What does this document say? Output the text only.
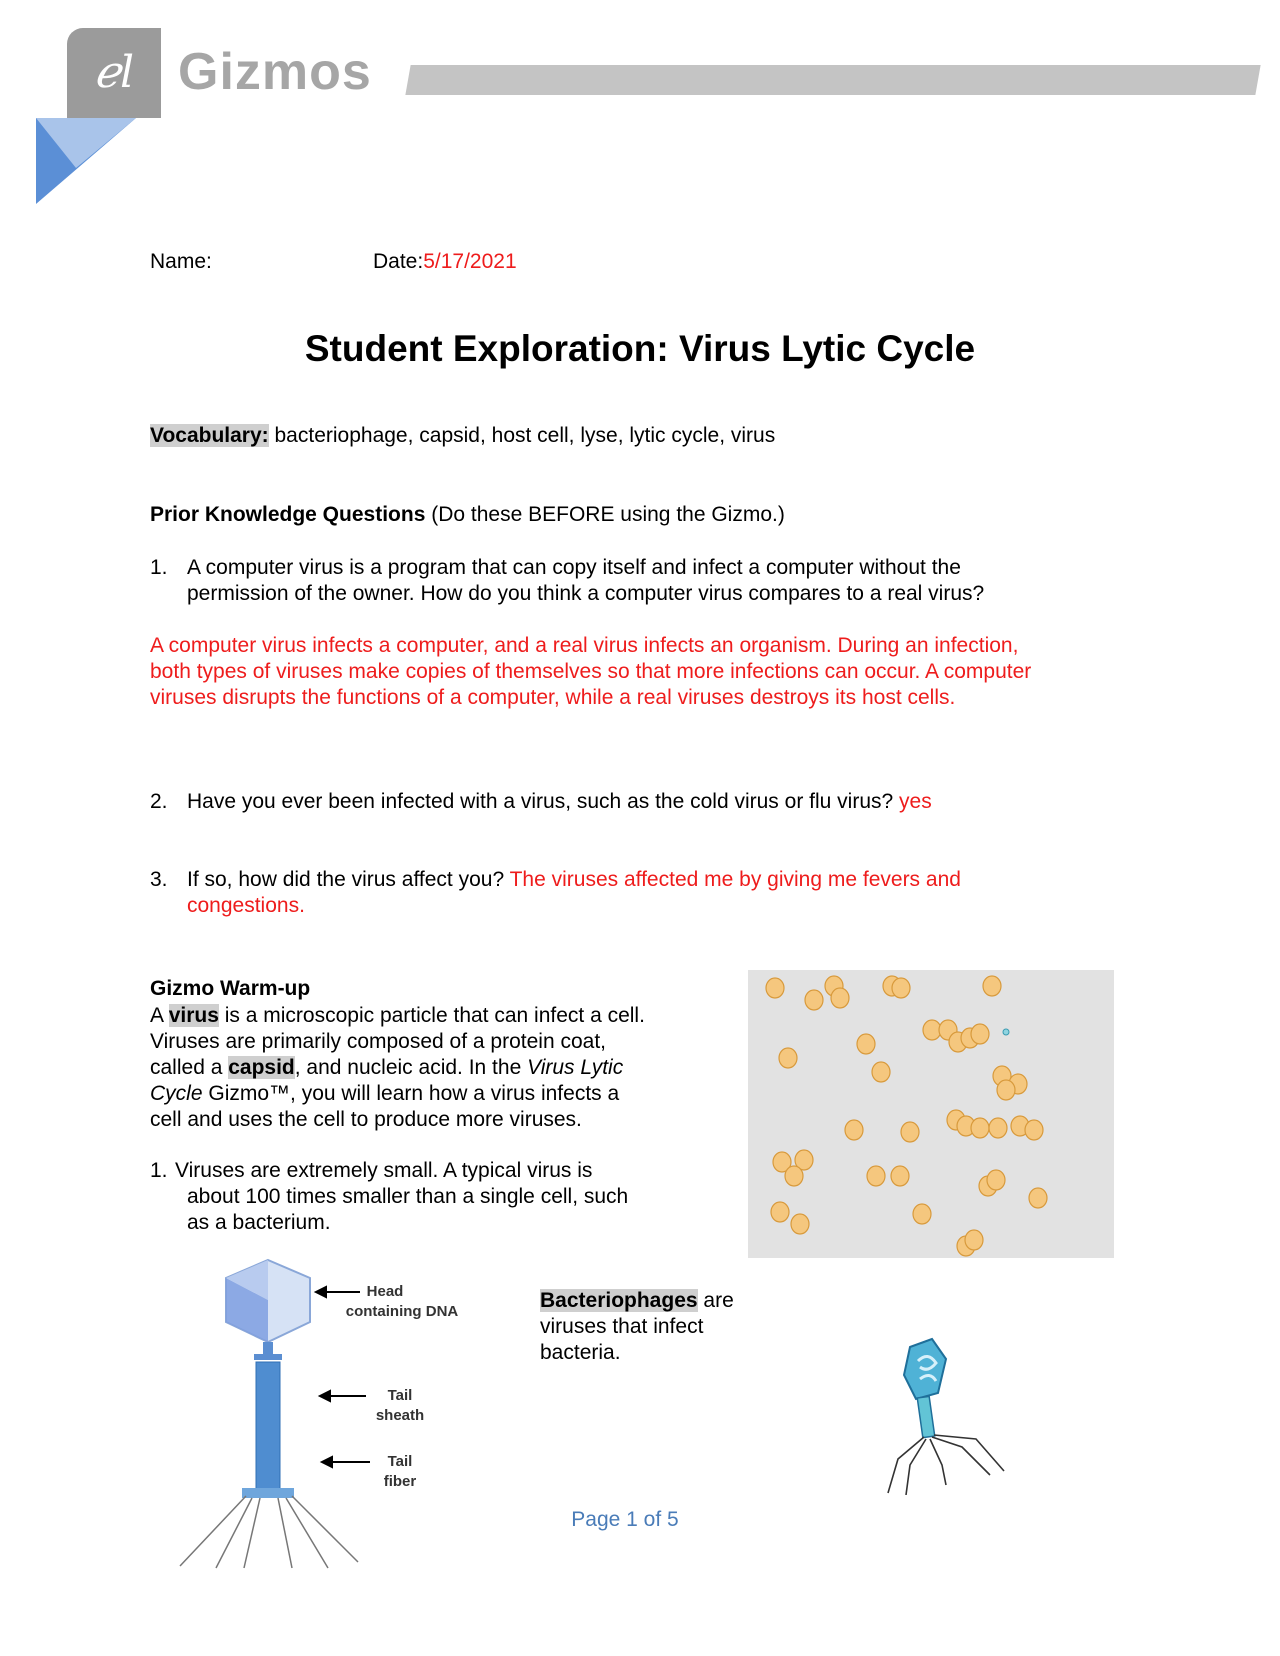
ℯl Gizmos
Name:	Date:5/17/2021
Student Exploration: Virus Lytic Cycle
Vocabulary: bacteriophage, capsid, host cell, lyse, lytic cycle, virus
Prior Knowledge Questions (Do these BEFORE using the Gizmo.)
1. A computer virus is a program that can copy itself and infect a computer without the
permission of the owner. How do you think a computer virus compares to a real virus?
A computer virus infects a computer, and a real virus infects an organism. During an infection,
both types of viruses make copies of themselves so that more infections can occur. A computer
viruses disrupts the functions of a computer, while a real viruses destroys its host cells.
2. Have you ever been infected with a virus, such as the cold virus or flu virus? yes
3. If so, how did the virus affect you? The viruses affected me by giving me fevers and
congestions.
Gizmo Warm-up
A virus is a microscopic particle that can infect a cell.
Viruses are primarily composed of a protein coat,
called a capsid, and nucleic acid. In the Virus Lytic
Cycle Gizmo™, you will learn how a virus infects a
cell and uses the cell to produce more viruses.
1. Viruses are extremely small. A typical virus is
about 100 times smaller than a single cell, such
as a bacterium.
Head
containing DNA
Tail
sheath
Tail
fiber
Bacteriophages are
viruses that infect
bacteria.
Page 1 of 5
